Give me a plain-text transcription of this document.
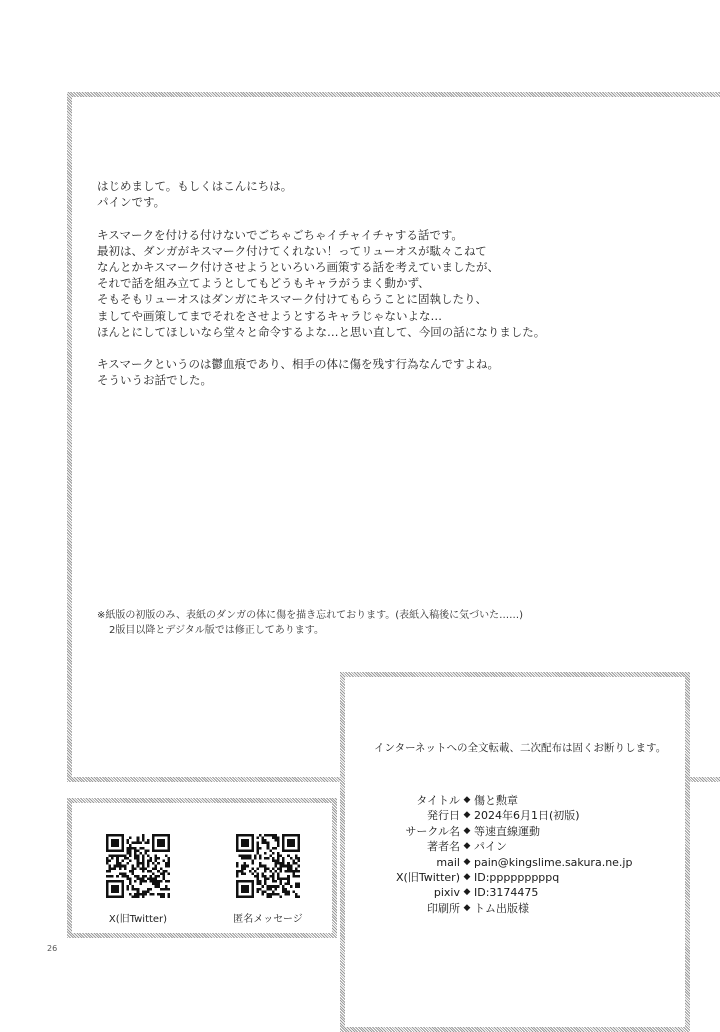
はじめまして。もしくはこんにちは。
パインです。

キスマークを付ける付けないでごちゃごちゃイチャイチャする話です。
最初は、ダンガがキスマーク付けてくれない！ってリューオスが駄々こねて
なんとかキスマーク付けさせようといろいろ画策する話を考えていましたが、
それで話を組み立てようとしてもどうもキャラがうまく動かず、
そもそもリューオスはダンガにキスマーク付けてもらうことに固執したり、
ましてや画策してまでそれをさせようとするキャラじゃないよな…
ほんとにしてほしいなら堂々と命令するよな…と思い直して、今回の話になりました。

キスマークというのは鬱血痕であり、相手の体に傷を残す行為なんですよね。
そういうお話でした。

※紙版の初版のみ、表紙のダンガの体に傷を描き忘れております。(表紙入稿後に気づいた……)
2版目以降とデジタル版では修正してあります。
X(旧Twitter)	匿名メッセージ
インターネットへの全文転載、二次配布は固くお断りします。
タイトル ◆ 傷と勲章
発行日 ◆ 2024年6月1日(初版)
サークル名 ◆ 等速直線運動
著者名 ◆ パイン
mail ◆ pain@kingslime.sakura.ne.jp
X(旧Twitter) ◆ ID:pppppppppq
pixiv ◆ ID:3174475
印刷所 ◆ トム出版様
26
